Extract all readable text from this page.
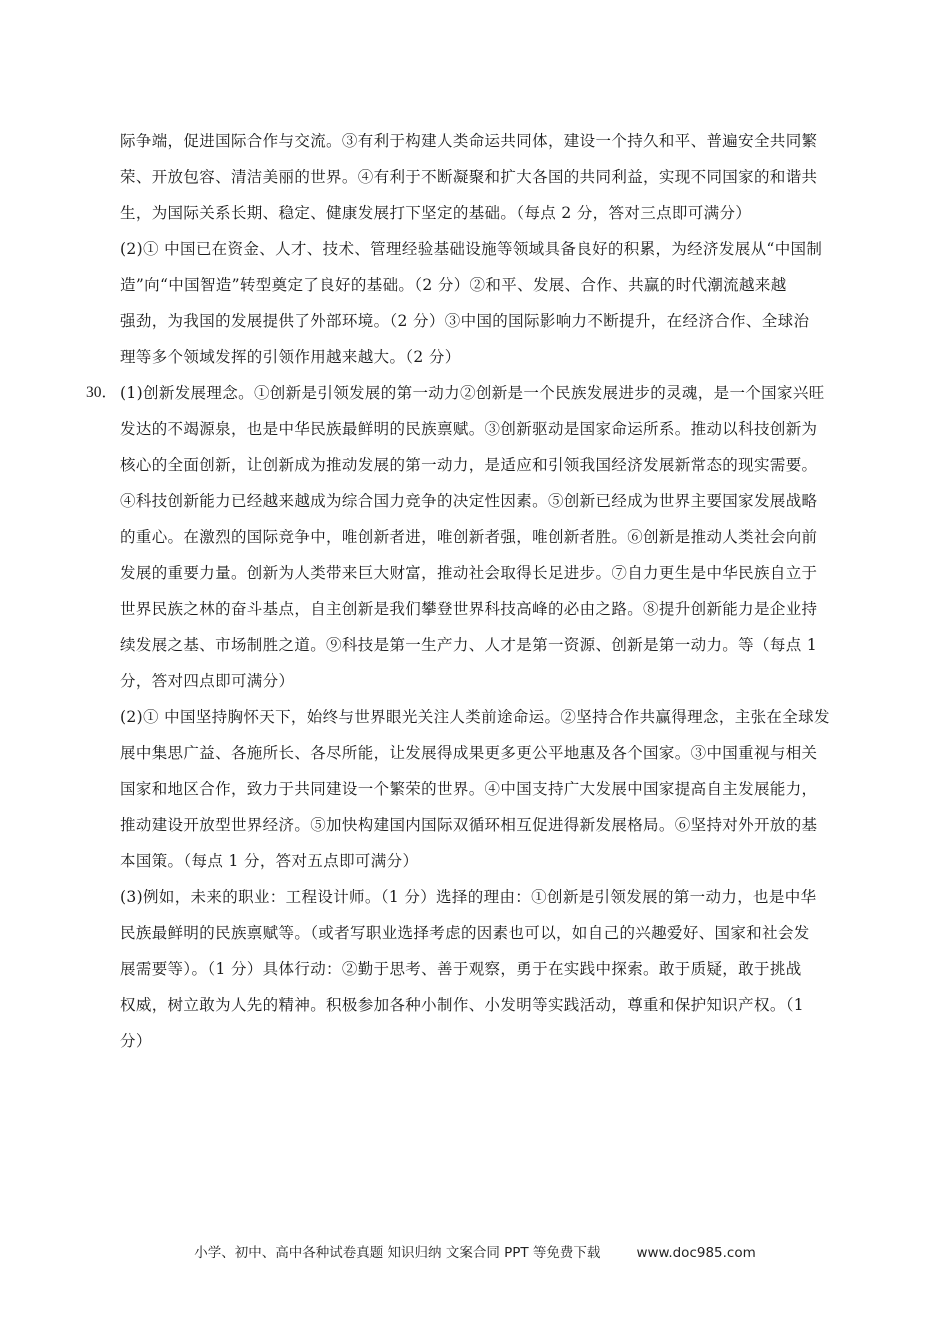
际争端，促进国际合作与交流。③有利于构建人类命运共同体，建设一个持久和平、普遍安全共同繁
荣、开放包容、清洁美丽的世界。④有利于不断凝聚和扩大各国的共同利益，实现不同国家的和谐共
生，为国际关系长期、稳定、健康发展打下坚定的基础。（每点 2 分，答对三点即可满分）
(2)① 中国已在资金、人才、技术、管理经验基础设施等领域具备良好的积累，为经济发展从“中国制
造”向“中国智造”转型奠定了良好的基础。（2 分）②和平、发展、合作、共赢的时代潮流越来越
强劲，为我国的发展提供了外部环境。（2 分）③中国的国际影响力不断提升，在经济合作、全球治
理等多个领域发挥的引领作用越来越大。（2 分）
30． (1)创新发展理念。①创新是引领发展的第一动力②创新是一个民族发展进步的灵魂，是一个国家兴旺
发达的不竭源泉，也是中华民族最鲜明的民族禀赋。③创新驱动是国家命运所系。推动以科技创新为
核心的全面创新，让创新成为推动发展的第一动力，是适应和引领我国经济发展新常态的现实需要。
④科技创新能力已经越来越成为综合国力竞争的决定性因素。⑤创新已经成为世界主要国家发展战略
的重心。在激烈的国际竞争中，唯创新者进，唯创新者强，唯创新者胜。⑥创新是推动人类社会向前
发展的重要力量。创新为人类带来巨大财富，推动社会取得长足进步。⑦自力更生是中华民族自立于
世界民族之林的奋斗基点，自主创新是我们攀登世界科技高峰的必由之路。⑧提升创新能力是企业持
续发展之基、市场制胜之道。⑨科技是第一生产力、人才是第一资源、创新是第一动力。等（每点 1
分，答对四点即可满分）
(2)① 中国坚持胸怀天下，始终与世界眼光关注人类前途命运。②坚持合作共赢得理念，主张在全球发
展中集思广益、各施所长、各尽所能，让发展得成果更多更公平地惠及各个国家。③中国重视与相关
国家和地区合作，致力于共同建设一个繁荣的世界。④中国支持广大发展中国家提高自主发展能力，
推动建设开放型世界经济。⑤加快构建国内国际双循环相互促进得新发展格局。⑥坚持对外开放的基
本国策。（每点 1 分，答对五点即可满分）
(3)例如，未来的职业：工程设计师。（1 分）选择的理由：①创新是引领发展的第一动力，也是中华
民族最鲜明的民族禀赋等。（或者写职业选择考虑的因素也可以，如自己的兴趣爱好、国家和社会发
展需要等）。（1 分）具体行动：②勤于思考、善于观察，勇于在实践中探索。敢于质疑，敢于挑战
权威，树立敢为人先的精神。积极参加各种小制作、小发明等实践活动，尊重和保护知识产权。（1
分）
小学、初中、高中各种试卷真题 知识归纳 文案合同 PPT 等免费下载	www.doc985.com
